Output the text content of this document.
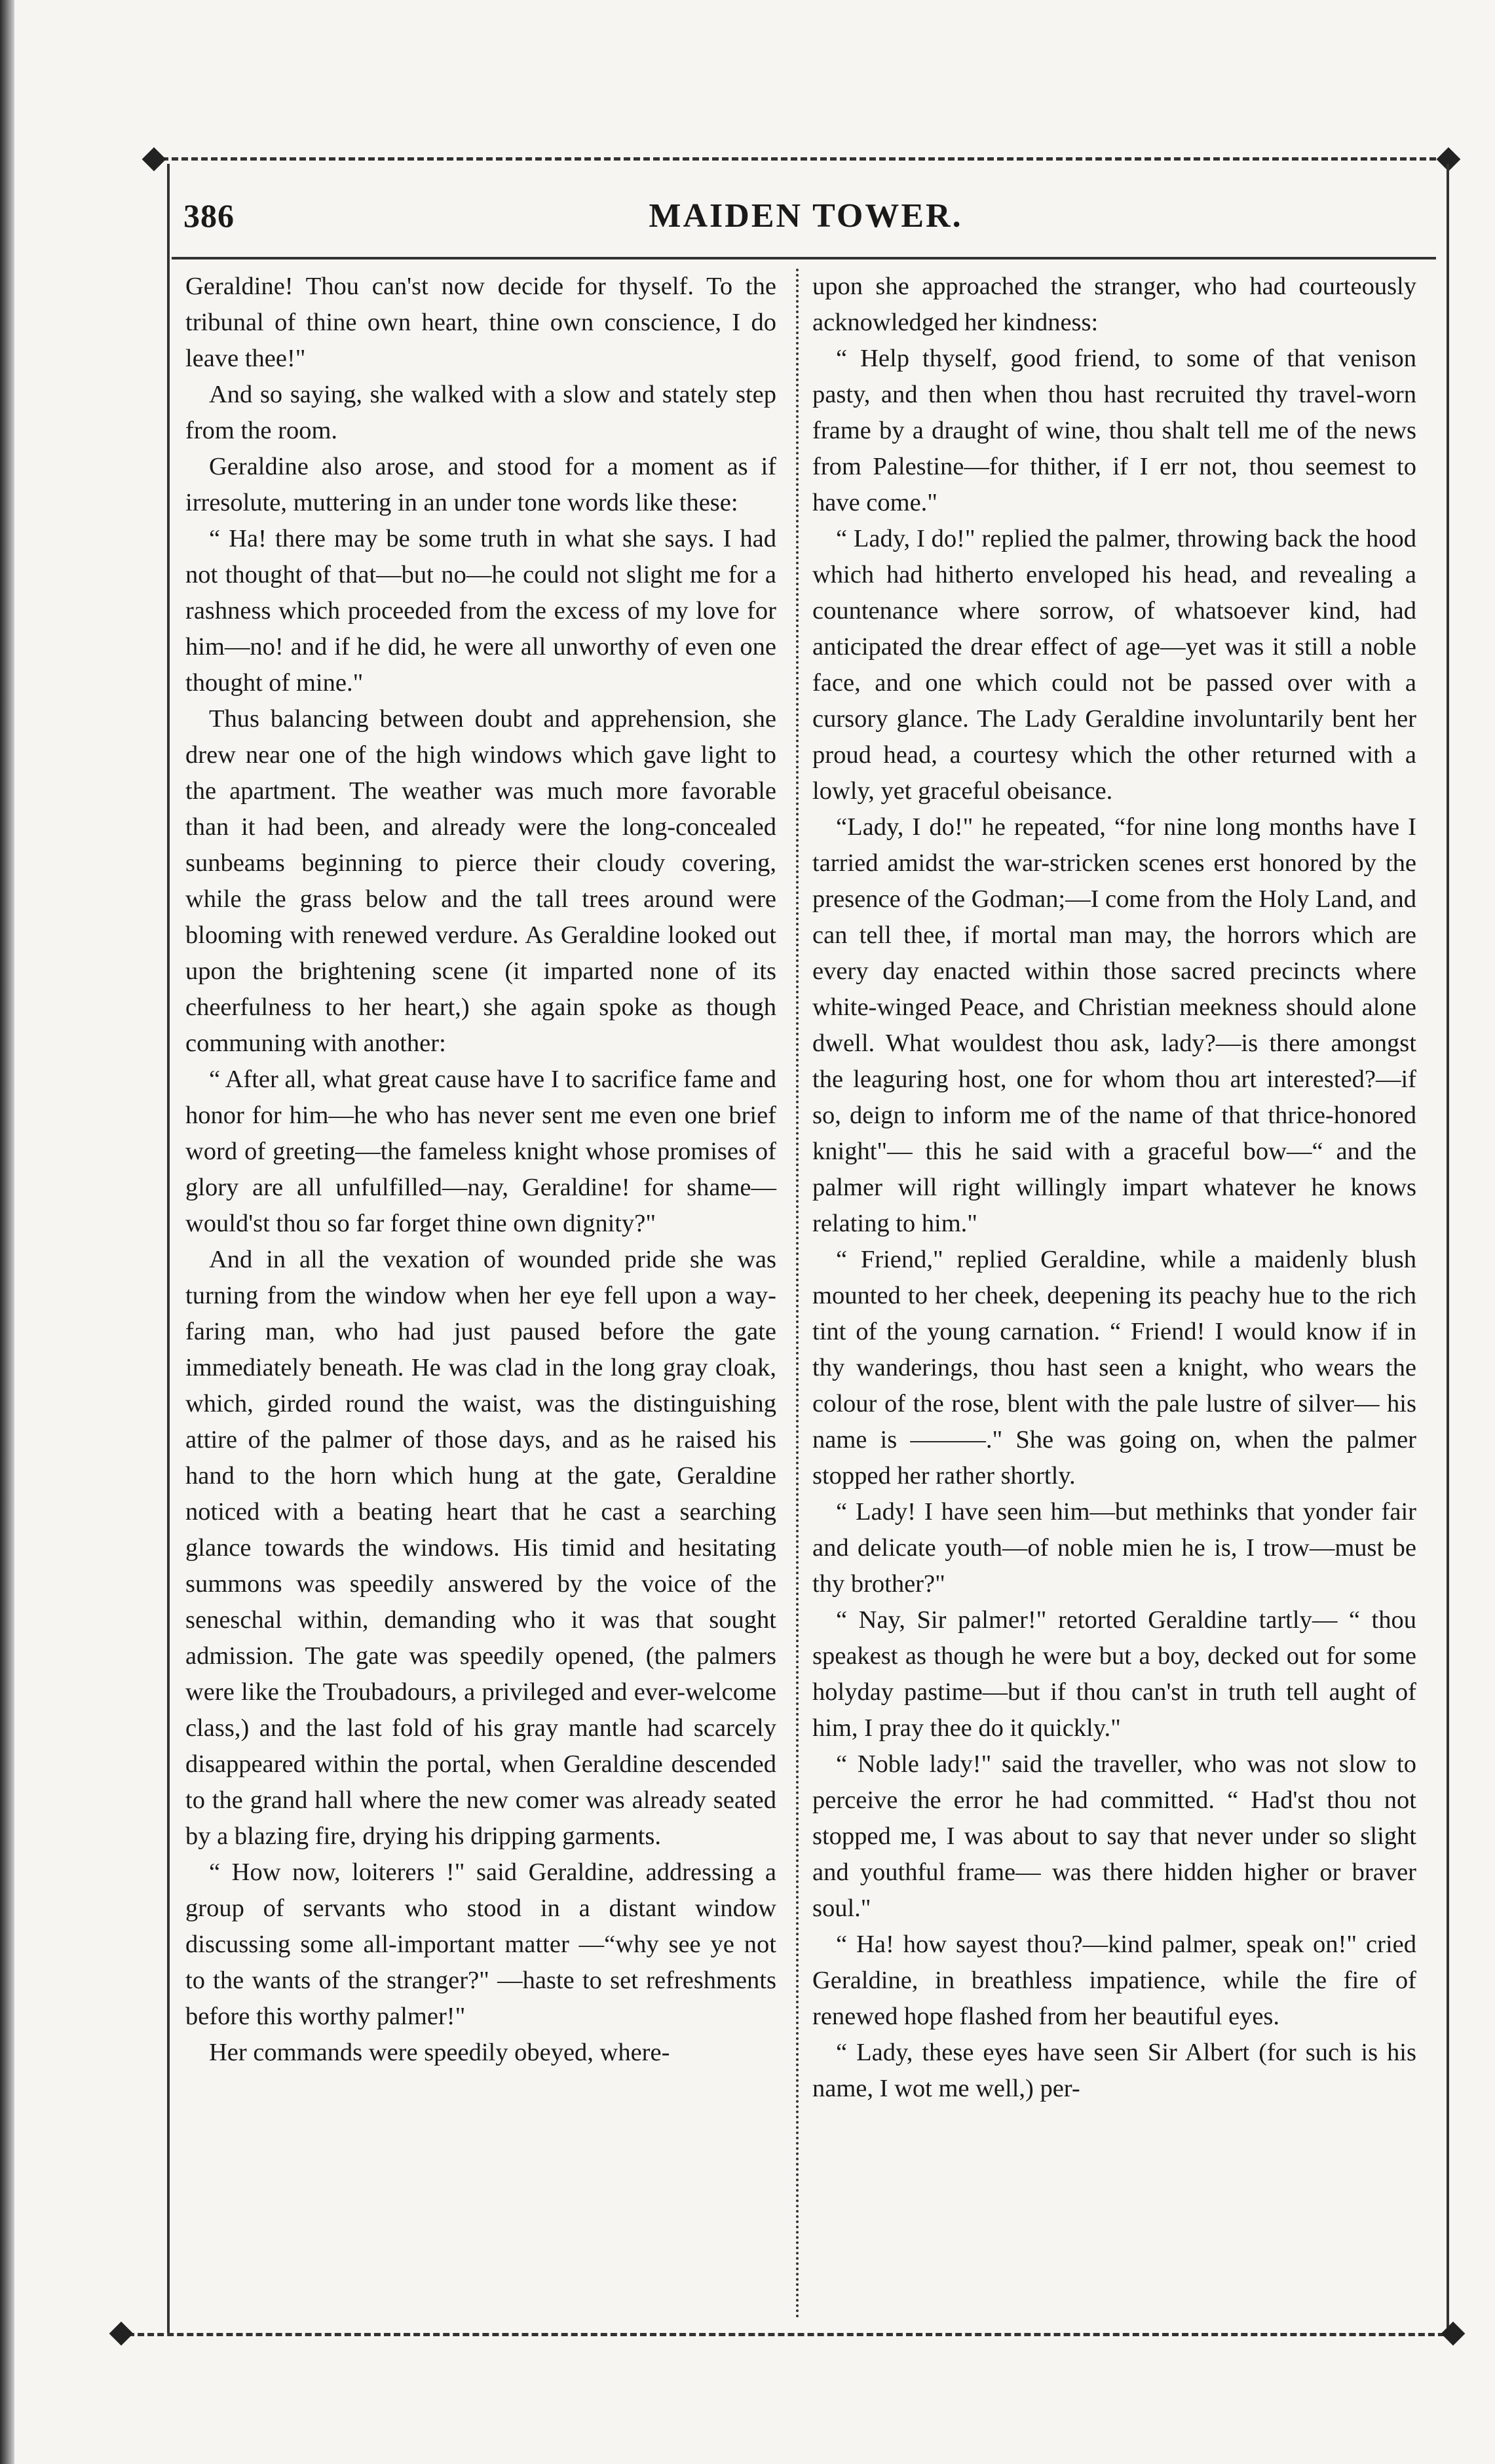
386	MAIDEN TOWER.

Geraldine! Thou can'st now decide for thyself. To the tribunal of thine own heart, thine own conscience, I do leave thee!"

And so saying, she walked with a slow and stately step from the room.

Geraldine also arose, and stood for a moment as if irresolute, muttering in an under tone words like these:

“ Ha! there may be some truth in what she says. I had not thought of that—but no—he could not slight me for a rashness which proceeded from the excess of my love for him—no! and if he did, he were all unworthy of even one thought of mine."

Thus balancing between doubt and apprehension, she drew near one of the high windows which gave light to the apartment. The weather was much more favorable than it had been, and already were the long-concealed sunbeams beginning to pierce their cloudy covering, while the grass below and the tall trees around were blooming with renewed verdure. As Geraldine looked out upon the brightening scene (it imparted none of its cheerfulness to her heart,) she again spoke as though communing with another:

“ After all, what great cause have I to sacrifice fame and honor for him—he who has never sent me even one brief word of greeting—the fameless knight whose promises of glory are all unfulfilled—nay, Geraldine! for shame—would'st thou so far forget thine own dignity?"

And in all the vexation of wounded pride she was turning from the window when her eye fell upon a way-faring man, who had just paused before the gate immediately beneath. He was clad in the long gray cloak, which, girded round the waist, was the distinguishing attire of the palmer of those days, and as he raised his hand to the horn which hung at the gate, Geraldine noticed with a beating heart that he cast a searching glance towards the windows. His timid and hesitating summons was speedily answered by the voice of the seneschal within, demanding who it was that sought admission. The gate was speedily opened, (the palmers were like the Troubadours, a privileged and ever-welcome class,) and the last fold of his gray mantle had scarcely disappeared within the portal, when Geraldine descended to the grand hall where the new comer was already seated by a blazing fire, drying his dripping garments.

“ How now, loiterers !" said Geraldine, addressing a group of servants who stood in a distant window discussing some all-important matter —“why see ye not to the wants of the stranger?" —haste to set refreshments before this worthy palmer!"

Her commands were speedily obeyed, where-

upon she approached the stranger, who had courteously acknowledged her kindness:

“ Help thyself, good friend, to some of that venison pasty, and then when thou hast recruited thy travel-worn frame by a draught of wine, thou shalt tell me of the news from Palestine—for thither, if I err not, thou seemest to have come."

“ Lady, I do!" replied the palmer, throwing back the hood which had hitherto enveloped his head, and revealing a countenance where sorrow, of whatsoever kind, had anticipated the drear effect of age—yet was it still a noble face, and one which could not be passed over with a cursory glance. The Lady Geraldine involuntarily bent her proud head, a courtesy which the other returned with a lowly, yet graceful obeisance.

“Lady, I do!" he repeated, “for nine long months have I tarried amidst the war-stricken scenes erst honored by the presence of the Godman;—I come from the Holy Land, and can tell thee, if mortal man may, the horrors which are every day enacted within those sacred precincts where white-winged Peace, and Christian meekness should alone dwell. What wouldest thou ask, lady?—is there amongst the leaguring host, one for whom thou art interested?—if so, deign to inform me of the name of that thrice-honored knight"— this he said with a graceful bow—“ and the palmer will right willingly impart whatever he knows relating to him."

“ Friend," replied Geraldine, while a maidenly blush mounted to her cheek, deepening its peachy hue to the rich tint of the young carnation. “ Friend! I would know if in thy wanderings, thou hast seen a knight, who wears the colour of the rose, blent with the pale lustre of silver— his name is ———." She was going on, when the palmer stopped her rather shortly.

“ Lady! I have seen him—but methinks that yonder fair and delicate youth—of noble mien he is, I trow—must be thy brother?"

“ Nay, Sir palmer!" retorted Geraldine tartly— “ thou speakest as though he were but a boy, decked out for some holyday pastime—but if thou can'st in truth tell aught of him, I pray thee do it quickly."

“ Noble lady!" said the traveller, who was not slow to perceive the error he had committed. “ Had'st thou not stopped me, I was about to say that never under so slight and youthful frame— was there hidden higher or braver soul."

“ Ha! how sayest thou?—kind palmer, speak on!" cried Geraldine, in breathless impatience, while the fire of renewed hope flashed from her beautiful eyes.

“ Lady, these eyes have seen Sir Albert (for such is his name, I wot me well,) per-
